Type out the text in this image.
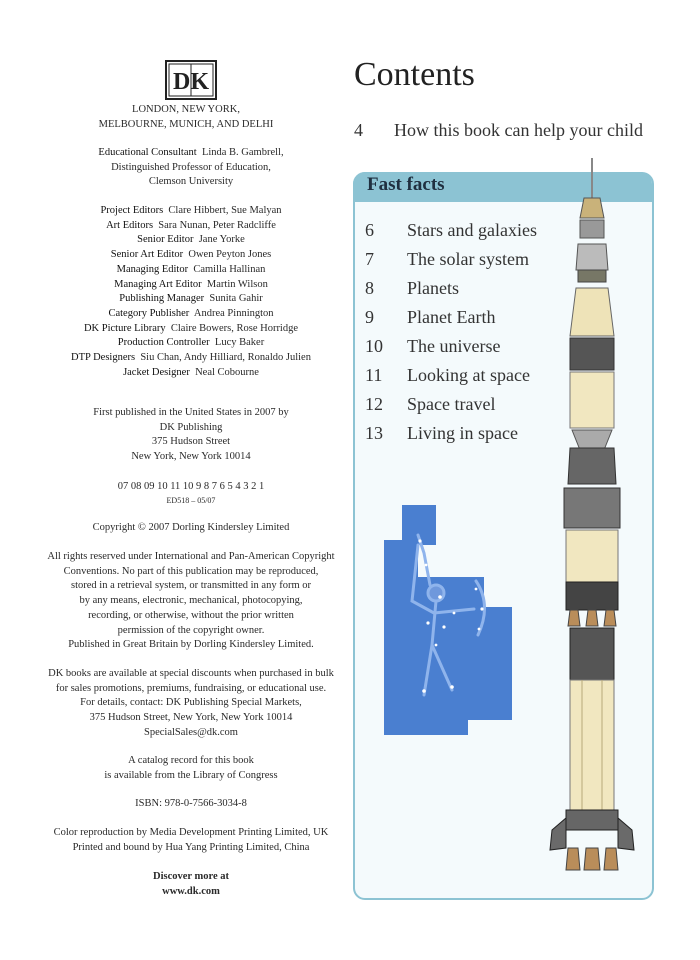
DK
LONDON, NEW YORK,
MELBOURNE, MUNICH, AND DELHI
Educational Consultant Linda B. Gambrell,
Distinguished Professor of Education,
Clemson University
Project Editors Clare Hibbert, Sue Malyan
Art Editors Sara Nunan, Peter Radcliffe
Senior Editor Jane Yorke
Senior Art Editor Owen Peyton Jones
Managing Editor Camilla Hallinan
Managing Art Editor Martin Wilson
Publishing Manager Sunita Gahir
Category Publisher Andrea Pinnington
DK Picture Library Claire Bowers, Rose Horridge
Production Controller Lucy Baker
DTP Designers Siu Chan, Andy Hilliard, Ronaldo Julien
Jacket Designer Neal Cobourne
First published in the United States in 2007 by
DK Publishing
375 Hudson Street
New York, New York 10014
07 08 09 10 11 10 9 8 7 6 5 4 3 2 1
ED518 – 05/07
Copyright © 2007 Dorling Kindersley Limited
All rights reserved under International and Pan-American Copyright
Conventions. No part of this publication may be reproduced,
stored in a retrieval system, or transmitted in any form or
by any means, electronic, mechanical, photocopying,
recording, or otherwise, without the prior written
permission of the copyright owner.
Published in Great Britain by Dorling Kindersley Limited.
DK books are available at special discounts when purchased in bulk
for sales promotions, premiums, fundraising, or educational use.
For details, contact: DK Publishing Special Markets,
375 Hudson Street, New York, New York 10014
SpecialSales@dk.com
A catalog record for this book
is available from the Library of Congress
ISBN: 978-0-7566-3034-8
Color reproduction by Media Development Printing Limited, UK
Printed and bound by Hua Yang Printing Limited, China
Discover more at
www.dk.com
Contents
4 How this book can help your child
Fast facts
6 Stars and galaxies
7 The solar system
8 Planets
9 Planet Earth
10 The universe
11 Looking at space
12 Space travel
13 Living in space
